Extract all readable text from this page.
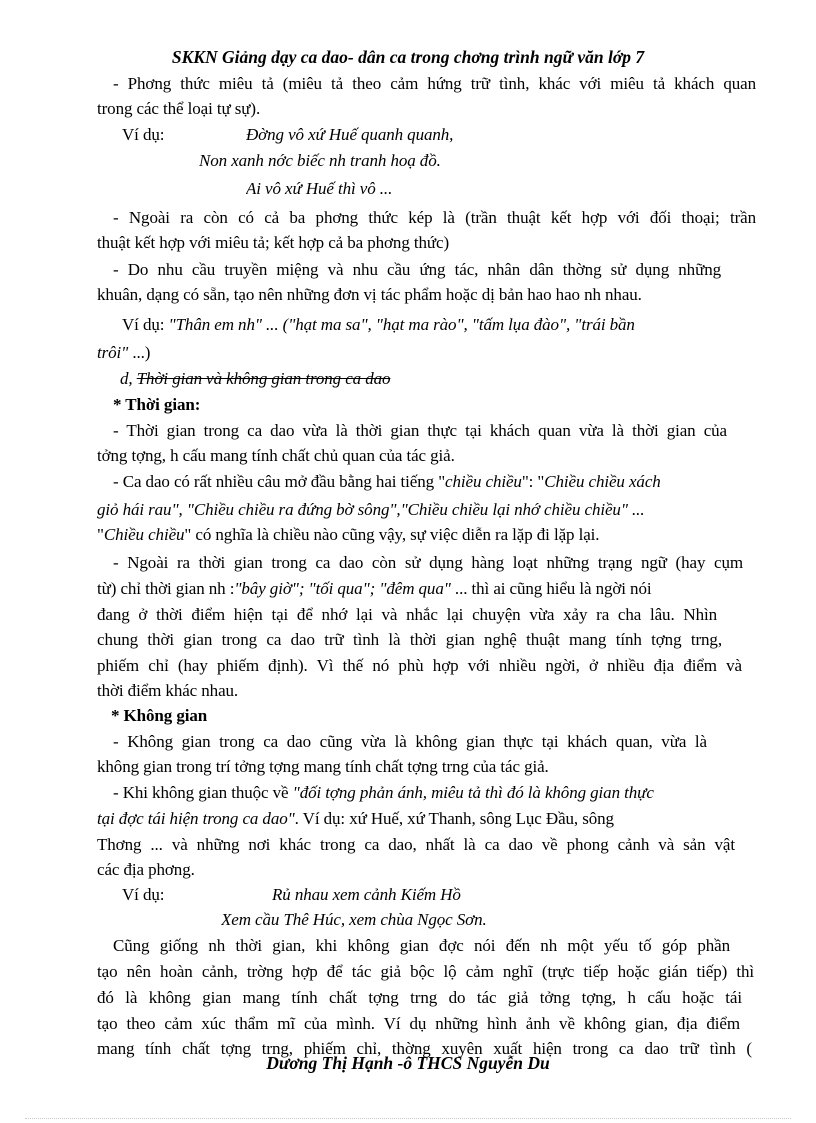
SKKN Giảng dạy ca dao- dân ca trong chơng trình ngữ văn lớp 7
- Phơng thức miêu tả (miêu tả theo cảm hứng trữ tình, khác với miêu tả khách quan
trong các thể loại tự sự).
Ví dụ:	Đờng vô xứ Huế quanh quanh,
Non xanh nớc biếc nh tranh hoạ đồ.
Ai vô xứ Huế thì vô ...
- Ngoài ra còn có cả ba phơng thức kép là (trần thuật kết hợp với đối thoại; trần
thuật kết hợp với miêu tả; kết hợp cả ba phơng thức)
- Do nhu cầu truyền miệng và nhu cầu ứng tác, nhân dân thờng sử dụng những
khuân, dạng có sẵn, tạo nên những đơn vị tác phẩm hoặc dị bản hao hao nh nhau.
Ví dụ: "Thân em nh" ... ("hạt ma sa", "hạt ma rào", "tấm lụa đào", "trái bần
trôi" ...)
d, Thời gian và không gian trong ca dao
* Thời gian:
- Thời gian trong ca dao vừa là thời gian thực tại khách quan vừa là thời gian của
tởng tợng, h cấu mang tính chất chủ quan của tác giả.
- Ca dao có rất nhiều câu mở đầu bằng hai tiếng "chiều chiều": "Chiều chiều xách
giỏ hái rau", "Chiều chiều ra đứng bờ sông","Chiều chiều lại nhớ chiều chiều" ...
"Chiều chiều" có nghĩa là chiều nào cũng vậy, sự việc diễn ra lặp đi lặp lại.
- Ngoài ra thời gian trong ca dao còn sử dụng hàng loạt những trạng ngữ (hay cụm
từ) chỉ thời gian nh :"bây giờ"; "tối qua"; "đêm qua" ... thì ai cũng hiểu là ngời nói
đang ở thời điểm hiện tại để nhớ lại và nhắc lại chuyện vừa xảy ra cha lâu. Nhìn
chung thời gian trong ca dao trữ tình là thời gian nghệ thuật mang tính tợng trng,
phiếm chỉ (hay phiếm định). Vì thế nó phù hợp với nhiều ngời, ở nhiều địa điểm và
thời điểm khác nhau.
* Không gian
- Không gian trong ca dao cũng vừa là không gian thực tại khách quan, vừa là
không gian trong trí tởng tợng mang tính chất tợng trng của tác giả.
- Khi không gian thuộc về "đối tợng phản ánh, miêu tả thì đó là không gian thực
tại đợc tái hiện trong ca dao". Ví dụ: xứ Huế, xứ Thanh, sông Lục Đầu, sông
Thơng ... và những nơi khác trong ca dao, nhất là ca dao về phong cảnh và sản vật
các địa phơng.
Ví dụ:	Rủ nhau xem cảnh Kiếm Hồ
Xem cầu Thê Húc, xem chùa Ngọc Sơn.
Cũng giống nh thời gian, khi không gian đợc nói đến nh một yếu tố góp phần
tạo nên hoàn cảnh, trờng hợp để tác giả bộc lộ cảm nghĩ (trực tiếp hoặc gián tiếp) thì
đó là không gian mang tính chất tợng trng do tác giả tởng tợng, h cấu hoặc tái
tạo theo cảm xúc thẩm mĩ của mình. Ví dụ những hình ảnh về không gian, địa điểm
mang tính chất tợng trng, phiếm chỉ, thờng xuyên xuất hiện trong ca dao trữ tình (
Dương Thị Hạnh -ô THCS Nguyễn Du
